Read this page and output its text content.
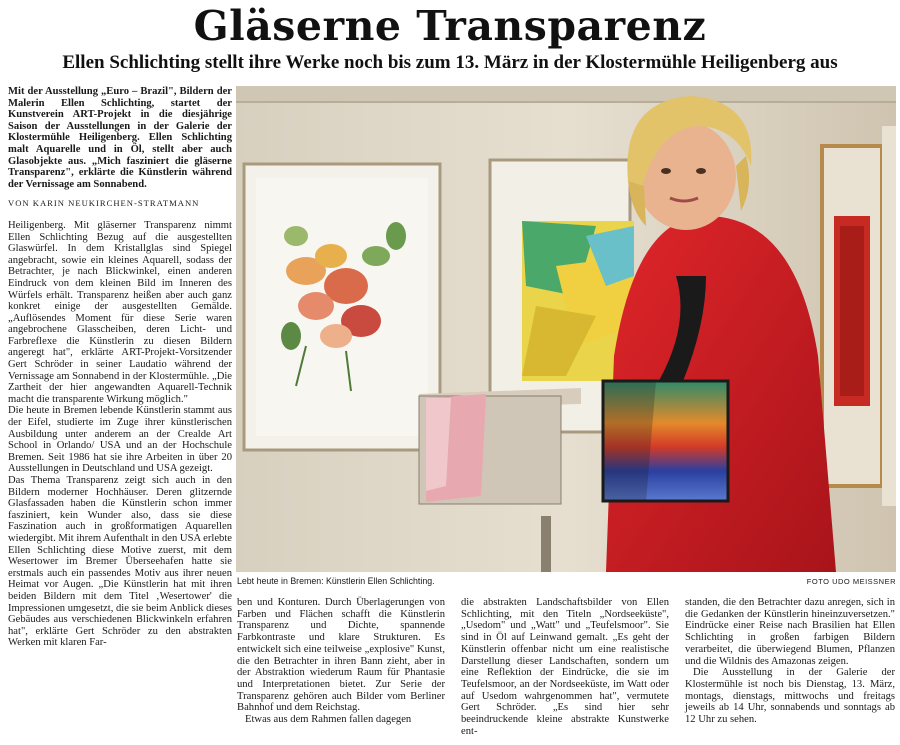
Gläserne Transparenz
Ellen Schlichting stellt ihre Werke noch bis zum 13. März in der Klostermühle Heiligenberg aus

Mit der Ausstellung „Euro – Brazil", Bildern der Malerin Ellen Schlichting, startet der Kunstverein ART-Projekt in die diesjährige Saison der Ausstellungen in der Galerie der Klostermühle Heiligenberg. Ellen Schlichting malt Aquarelle und in Öl, stellt aber auch Glasobjekte aus. „Mich fasziniert die gläserne Transparenz", erklärte die Künstlerin während der Vernissage am Sonnabend.

VON KARIN NEUKIRCHEN-STRATMANN

Heiligenberg. Mit gläserner Transparenz nimmt Ellen Schlichting Bezug auf die ausgestellten Glaswürfel. In dem Kristallglas sind Spiegel angebracht, sowie ein kleines Aquarell, sodass der Betrachter, je nach Blickwinkel, einen anderen Eindruck von dem kleinen Bild im Inneren des Würfels erhält. Transparenz heißen aber auch ganz konkret einige der ausgestellten Gemälde. „Auflösendes Moment für diese Serie waren angebrochene Glasscheiben, deren Licht- und Farbreflexe die Künstlerin zu diesen Bildern angeregt hat", erklärte ART-Projekt-Vorsitzender Gert Schröder in seiner Laudatio während der Vernissage am Sonnabend in der Klostermühle. „Die Zartheit der hier angewandten Aquarell-Technik macht die transparente Wirkung möglich."

Die heute in Bremen lebende Künstlerin stammt aus der Eifel, studierte im Zuge ihrer künstlerischen Ausbildung unter anderem an der Crealde Art School in Orlando/ USA und an der Hochschule Bremen. Seit 1986 hat sie ihre Arbeiten in über 20 Ausstellungen in Deutschland und USA gezeigt.

Das Thema Transparenz zeigt sich auch in den Bildern moderner Hochhäuser. Deren glitzernde Glasfassaden haben die Künstlerin schon immer fasziniert, kein Wunder also, dass sie diese Faszination auch in großformatigen Aquarellen wiedergibt. Mit ihrem Aufenthalt in den USA erlebte Ellen Schlichting diese Motive zuerst, mit dem Wesertower im Bremer Überseehafen hatte sie erstmals auch ein passendes Motiv aus ihrer neuen Heimat vor Augen. „Die Künstlerin hat mit ihren beiden Bildern mit dem Titel ‚Wesertower' die Impressionen umgesetzt, die sie beim Anblick dieses Gebäudes aus verschiedenen Blickwinkeln erfahren hat", erklärte Gert Schröder zu den abstrakten Werken mit klaren Far-

Lebt heute in Bremen: Künstlerin Ellen Schlichting.	FOTO UDO MEISSNER

ben und Konturen. Durch Überlagerungen von Farben und Flächen schafft die Künstlerin Transparenz und Dichte, spannende Farbkontraste und klare Strukturen. Es entwickelt sich eine teilweise „explosive" Kunst, die den Betrachter in ihren Bann zieht, aber in der Abstraktion wiederum Raum für Phantasie und Interpretationen bietet. Zur Serie der Transparenz gehören auch Bilder vom Berliner Bahnhof und dem Reichstag.

Etwas aus dem Rahmen fallen dagegen

die abstrakten Landschaftsbilder von Ellen Schlichting, mit den Titeln „Nordseeküste", „Usedom" und „Watt" und „Teufelsmoor". Sie sind in Öl auf Leinwand gemalt. „Es geht der Künstlerin offenbar nicht um eine realistische Darstellung dieser Landschaften, sondern um eine Reflektion der Eindrücke, die sie im Teufelsmoor, an der Nordseeküste, im Watt oder auf Usedom wahrgenommen hat", vermutete Gert Schröder. „Es sind hier sehr beeindruckende kleine abstrakte Kunstwerke ent-

standen, die den Betrachter dazu anregen, sich in die Gedanken der Künstlerin hineinzuversetzen." Eindrücke einer Reise nach Brasilien hat Ellen Schlichting in großen farbigen Bildern verarbeitet, die überwiegend Blumen, Pflanzen und die Wildnis des Amazonas zeigen.

Die Ausstellung in der Galerie der Klostermühle ist noch bis Dienstag, 13. März, montags, dienstags, mittwochs und freitags jeweils ab 14 Uhr, sonnabends und sonntags ab 12 Uhr zu sehen.
